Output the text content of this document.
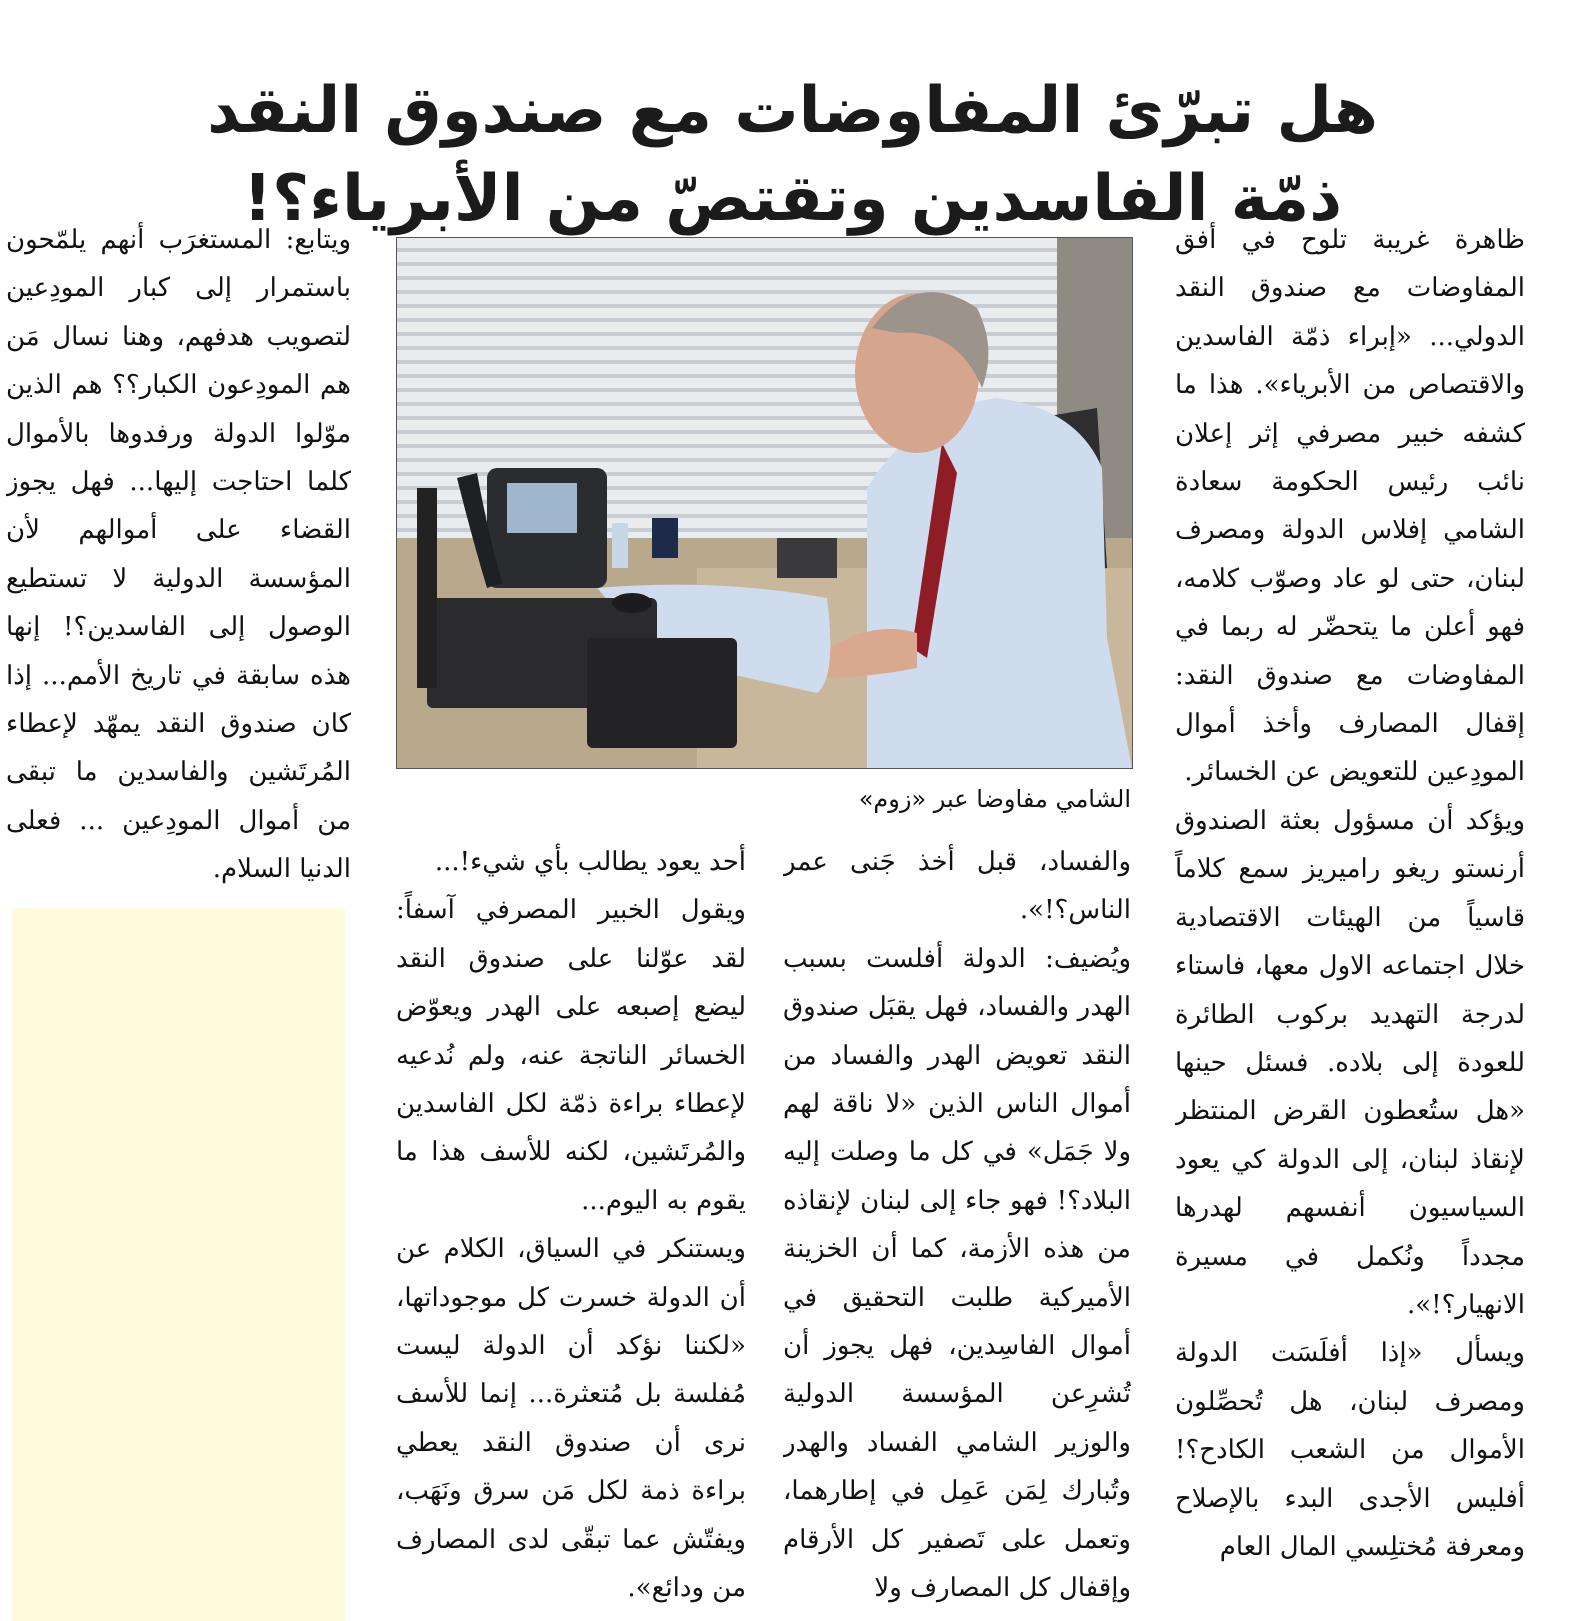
هل تبرّئ المفاوضات مع صندوق النقد
ذمّة الفاسدين وتقتصّ من الأبرياء؟!

ظاهرة غريبة تلوح في أفق المفاوضات مع صندوق النقد الدولي... «إبراء ذمّة الفاسدين والاقتصاص من الأبرياء». هذا ما كشفه خبير مصرفي إثر إعلان نائب رئيس الحكومة سعادة الشامي إفلاس الدولة ومصرف لبنان، حتى لو عاد وصوّب كلامه، فهو أعلن ما يتحضّر له ربما في المفاوضات مع صندوق النقد: إقفال المصارف وأخذ أموال المودِعين للتعويض عن الخسائر.

ويؤكد أن مسؤول بعثة الصندوق أرنستو ريغو راميريز سمع كلاماً قاسياً من الهيئات الاقتصادية خلال اجتماعه الاول معها، فاستاء لدرجة التهديد بركوب الطائرة للعودة إلى بلاده. فسئل حينها «هل ستُعطون القرض المنتظر لإنقاذ لبنان، إلى الدولة كي يعود السياسيون أنفسهم لهدرها مجدداً ونُكمل في مسيرة الانهيار؟!».

ويسأل «إذا أفلَسَت الدولة ومصرف لبنان، هل تُحصِّلون الأموال من الشعب الكادح؟! أفليس الأجدى البدء بالإصلاح ومعرفة مُختلِسي المال العام

الشامي مفاوضا عبر «زوم»

والفساد، قبل أخذ جَنى عمر الناس؟!».

ويُضيف: الدولة أفلست بسبب الهدر والفساد، فهل يقبَل صندوق النقد تعويض الهدر والفساد من أموال الناس الذين «لا ناقة لهم ولا جَمَل» في كل ما وصلت إليه البلاد؟! فهو جاء إلى لبنان لإنقاذه من هذه الأزمة، كما أن الخزينة الأميركية طلبت التحقيق في أموال الفاسِدين، فهل يجوز أن تُشرِعن المؤسسة الدولية والوزير الشامي الفساد والهدر وتُبارك لِمَن عَمِل في إطارهما، وتعمل على تَصفير كل الأرقام وإقفال كل المصارف ولا

أحد يعود يطالب بأي شيء!...

ويقول الخبير المصرفي آسفاً: لقد عوّلنا على صندوق النقد ليضع إصبعه على الهدر ويعوّض الخسائر الناتجة عنه، ولم نُدعيه لإعطاء براءة ذمّة لكل الفاسدين والمُرتَشين، لكنه للأسف هذا ما يقوم به اليوم...

ويستنكر في السياق، الكلام عن أن الدولة خسرت كل موجوداتها، «لكننا نؤكد أن الدولة ليست مُفلسة بل مُتعثرة... إنما للأسف نرى أن صندوق النقد يعطي براءة ذمة لكل مَن سرق ونَهَب، ويفتّش عما تبقّى لدى المصارف من ودائع».

ويتابع: المستغرَب أنهم يلمّحون باستمرار إلى كبار المودِعين لتصويب هدفهم، وهنا نسال مَن هم المودِعون الكبار؟؟ هم الذين موّلوا الدولة ورفدوها بالأموال كلما احتاجت إليها... فهل يجوز القضاء على أموالهم لأن المؤسسة الدولية لا تستطيع الوصول إلى الفاسدين؟! إنها هذه سابقة في تاريخ الأمم... إذا كان صندوق النقد يمهّد لإعطاء المُرتَشين والفاسدين ما تبقى من أموال المودِعين ... فعلى الدنيا السلام.
